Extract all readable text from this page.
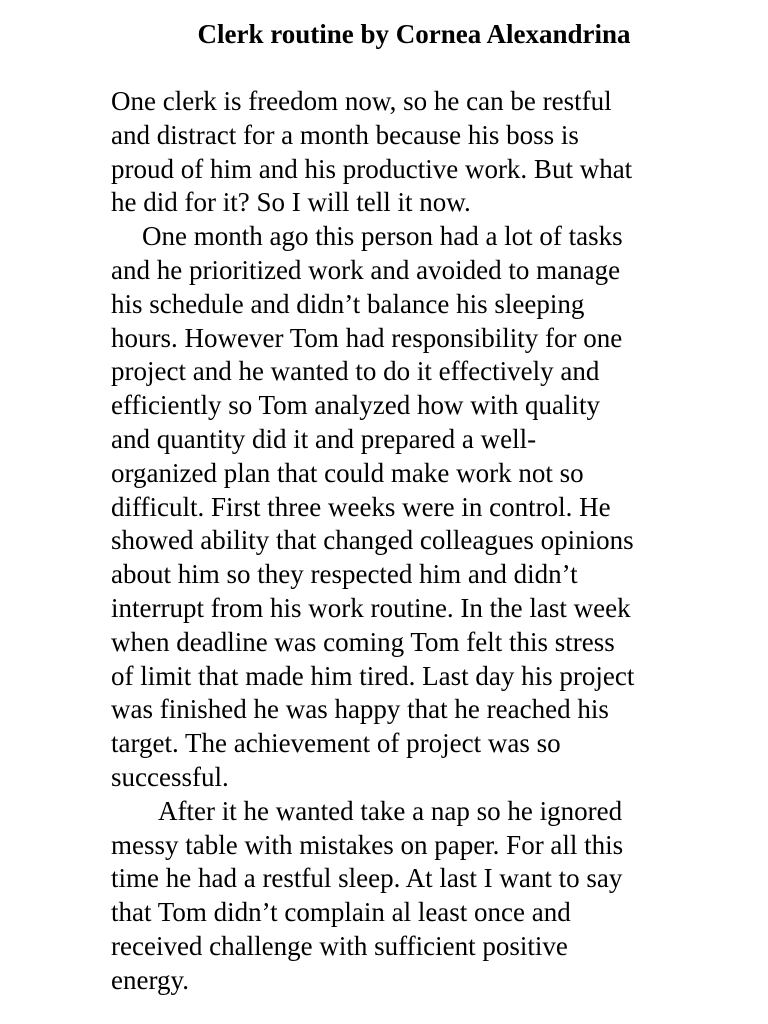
Clerk routine by Cornea Alexandrina
One clerk is freedom now, so he can be restful
and distract for a month because his boss is
proud of him and his productive work. But what
he did for it? So I will tell it now.
One month ago this person had a lot of tasks
and he prioritized work and avoided to manage
his schedule and didn’t balance his sleeping
hours. However Tom had responsibility for one
project and he wanted to do it effectively and
efficiently so Tom analyzed how with quality
and quantity did it and prepared a well-
organized plan that could make work not so
difficult. First three weeks were in control. He
showed ability that changed colleagues opinions
about him so they respected him and didn’t
interrupt from his work routine. In the last week
when deadline was coming Tom felt this stress
of limit that made him tired. Last day his project
was finished he was happy that he reached his
target. The achievement of project was so
successful.
After it he wanted take a nap so he ignored
messy table with mistakes on paper. For all this
time he had a restful sleep. At last I want to say
that Tom didn’t complain al least once and
received challenge with sufficient positive
energy.
